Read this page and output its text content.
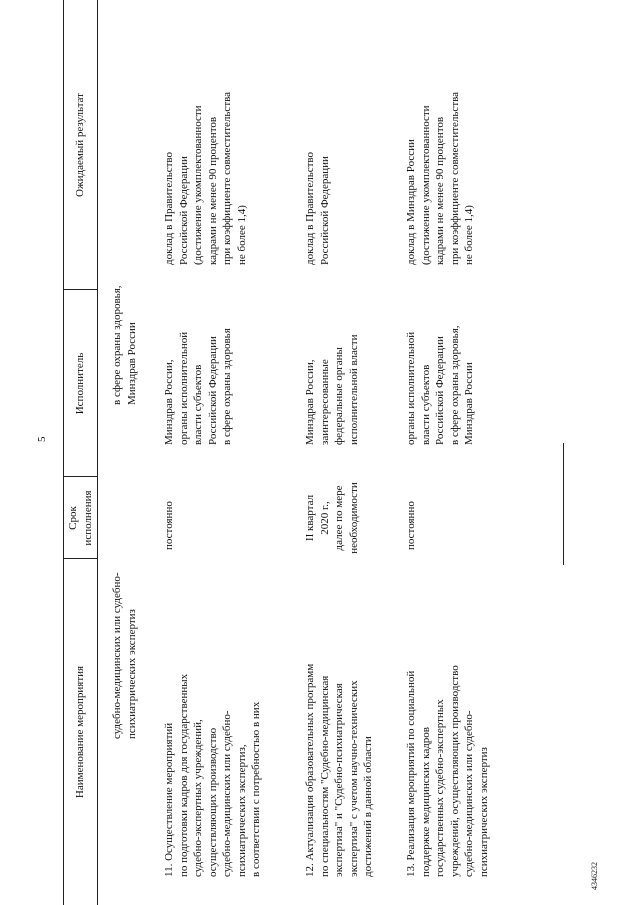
5

Наименование мероприятия

Срок исполнения

Исполнитель

Ожидаемый результат

судебно-медицинских или судебно- психиатрических экспертиз
в сфере охраны здоровья, Минздрав России
11. Осуществление мероприятий по подготовки кадров для государственных судебно-экспертных учреждений, осуществляющих производство судебно-медицинских или судебно- психиатрических экспертиз, в соответствии с потребностью в них
постоянно
Минздрав России, органы исполнительной власти субъектов Российской Федерации в сфере охраны здоровья
доклад в Правительство Российской Федерации (достижение укомплектованности кадрами не менее 90 процентов при коэффициенте совместительства не более 1,4)
12. Актуализация образовательных программ по специальностям "Судебно-медицинская экспертиза" и "Судебно-психиатрическая экспертиза" с учетом научно-технических достижений в данной области
II квартал 2020 г., далее по мере необходимости
Минздрав России, заинтересованные федеральные органы исполнительной власти
доклад в Правительство Российской Федерации
13. Реализация мероприятий по социальной поддержке медицинских кадров государственных судебно-экспертных учреждений, осуществляющих производство судебно-медицинских или судебно- психиатрических экспертиз
постоянно
органы исполнительной власти субъектов Российской Федерации в сфере охраны здоровья, Минздрав России
доклад в Минздрав России (достижение укомплектованности кадрами не менее 90 процентов при коэффициенте совместительства не более 1,4)

4346232
